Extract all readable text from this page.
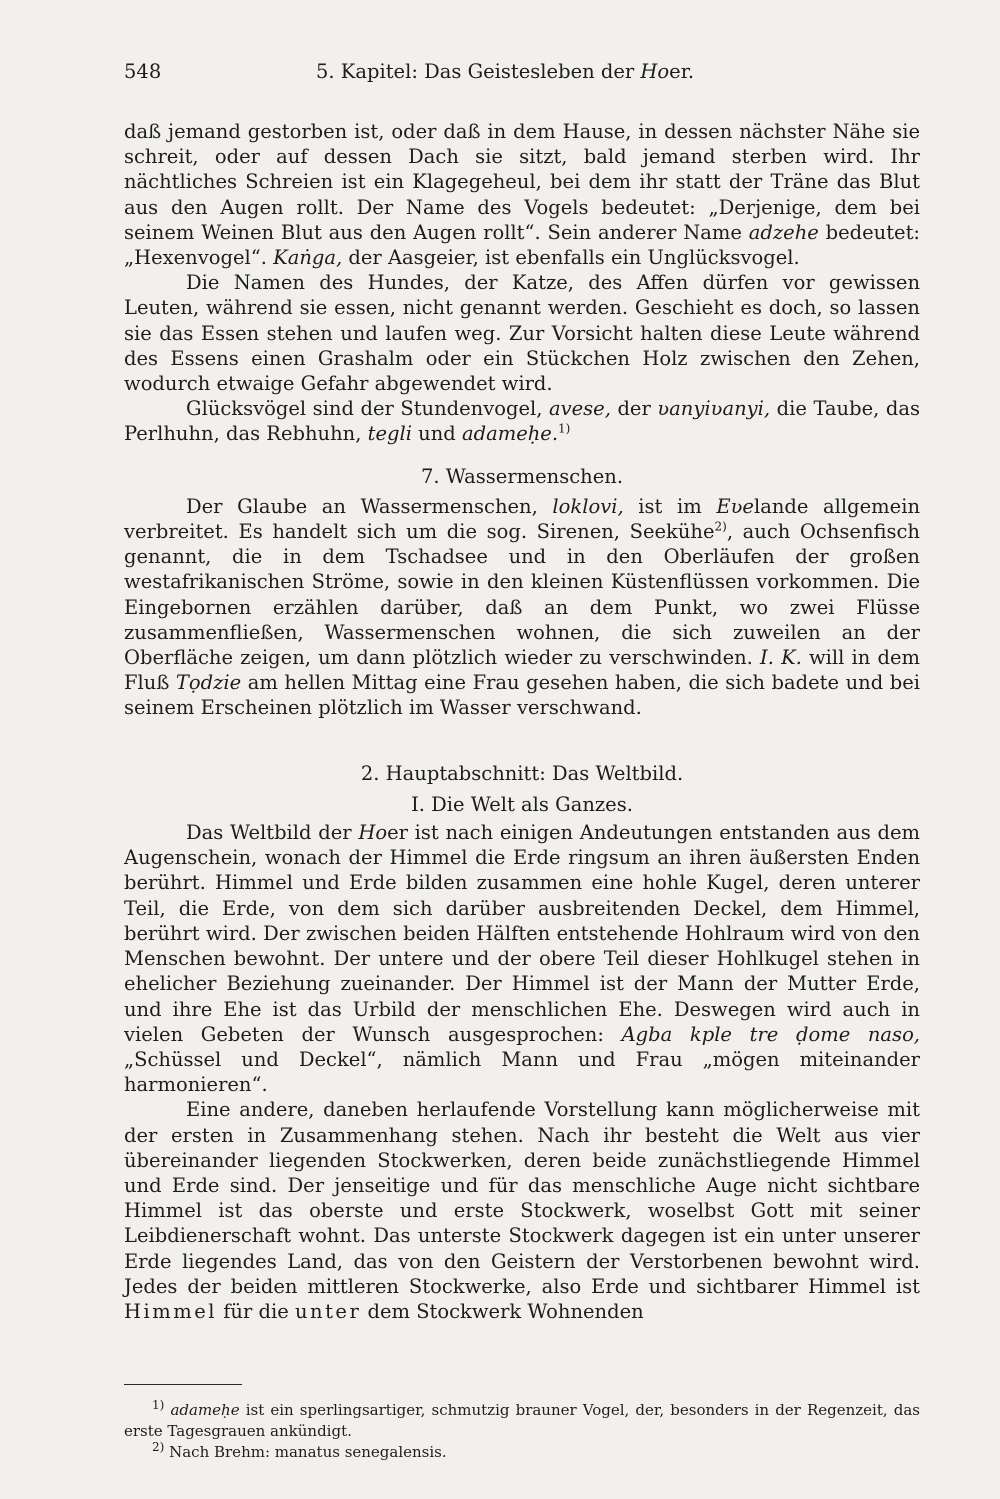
548	5. Kapitel: Das Geistesleben der Hoer.

daß jemand gestorben ist, oder daß in dem Hause, in dessen nächster Nähe sie schreit, oder auf dessen Dach sie sitzt, bald jemand sterben wird. Ihr nächtliches Schreien ist ein Klagegeheul, bei dem ihr statt der Träne das Blut aus den Augen rollt. Der Name des Vogels bedeutet: „Derjenige, dem bei seinem Weinen Blut aus den Augen rollt“. Sein anderer Name adzehe bedeutet: „Hexenvogel“. Kaṅga, der Aasgeier, ist ebenfalls ein Unglücksvogel.

Die Namen des Hundes, der Katze, des Affen dürfen vor gewissen Leuten, während sie essen, nicht genannt werden. Geschieht es doch, so lassen sie das Essen stehen und laufen weg. Zur Vorsicht halten diese Leute während des Essens einen Grashalm oder ein Stückchen Holz zwischen den Zehen, wodurch etwaige Gefahr abgewendet wird.

Glücksvögel sind der Stundenvogel, avese, der ʋanyiʋanyi, die Taube, das Perlhuhn, das Rebhuhn, tegli und adameḥe.$^{1)}$

7. Wassermenschen.

Der Glaube an Wassermenschen, loklovi, ist im Eʋelande allgemein verbreitet. Es handelt sich um die sog. Sirenen, Seekühe$^{2)}$, auch Ochsenfisch genannt, die in dem Tschadsee und in den Oberläufen der großen westafrikanischen Ströme, sowie in den kleinen Küstenflüssen vorkommen. Die Eingebornen erzählen darüber, daß an dem Punkt, wo zwei Flüsse zusammenfließen, Wassermenschen wohnen, die sich zuweilen an der Oberfläche zeigen, um dann plötzlich wieder zu verschwinden. I. K. will in dem Fluß Tọdzie am hellen Mittag eine Frau gesehen haben, die sich badete und bei seinem Erscheinen plötzlich im Wasser verschwand.

2. Hauptabschnitt: Das Weltbild.

I. Die Welt als Ganzes.

Das Weltbild der Hoer ist nach einigen Andeutungen entstanden aus dem Augenschein, wonach der Himmel die Erde ringsum an ihren äußersten Enden berührt. Himmel und Erde bilden zusammen eine hohle Kugel, deren unterer Teil, die Erde, von dem sich darüber ausbreitenden Deckel, dem Himmel, berührt wird. Der zwischen beiden Hälften entstehende Hohlraum wird von den Menschen bewohnt. Der untere und der obere Teil dieser Hohlkugel stehen in ehelicher Beziehung zueinander. Der Himmel ist der Mann der Mutter Erde, und ihre Ehe ist das Urbild der menschlichen Ehe. Deswegen wird auch in vielen Gebeten der Wunsch ausgesprochen: Agba kple tre ḍome naso, „Schüssel und Deckel“, nämlich Mann und Frau „mögen miteinander harmonieren“.

Eine andere, daneben herlaufende Vorstellung kann möglicherweise mit der ersten in Zusammenhang stehen. Nach ihr besteht die Welt aus vier übereinander liegenden Stockwerken, deren beide zunächstliegende Himmel und Erde sind. Der jenseitige und für das menschliche Auge nicht sichtbare Himmel ist das oberste und erste Stockwerk, woselbst Gott mit seiner Leibdienerschaft wohnt. Das unterste Stockwerk dagegen ist ein unter unserer Erde liegendes Land, das von den Geistern der Verstorbenen bewohnt wird. Jedes der beiden mittleren Stockwerke, also Erde und sichtbarer Himmel ist Himmel für die unter dem Stockwerk Wohnenden

$^{1)}$ adameḥe ist ein sperlingsartiger, schmutzig brauner Vogel, der, besonders in der Regenzeit, das erste Tagesgrauen ankündigt.

$^{2)}$ Nach Brehm: manatus senegalensis.
